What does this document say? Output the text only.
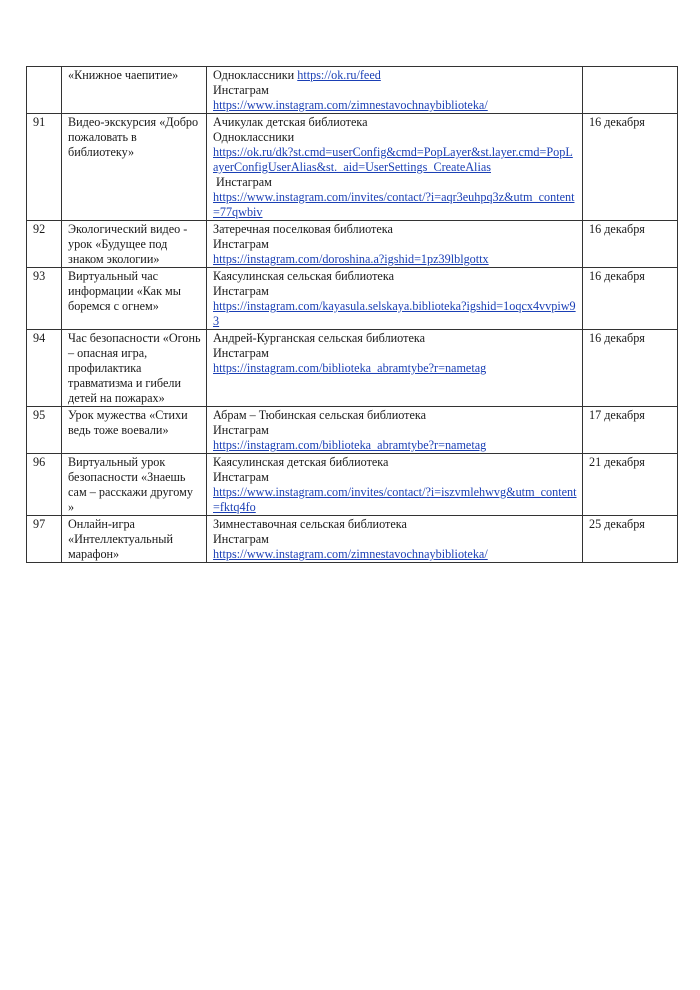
	«Книжное чаепитие»	Одноклассники https://ok.ru/feed
Инстаграм
https://www.instagram.com/zimnestavochnaybiblioteka/	

91	Видео-экскурсия «Добро пожаловать в библиотеку»	Ачикулак детская библиотека
Одноклассники
https://ok.ru/dk?st.cmd=userConfig&cmd=PopLayer&st.layer.cmd=PopLayerConfigUserAlias&st._aid=UserSettings_CreateAlias
Инстаграм
https://www.instagram.com/invites/contact/?i=aqr3euhpq3z&utm_content=77qwbiv	16 декабря
92	Экологический видео - урок «Будущее под знаком экологии»	Затеречная поселковая библиотека
Инстаграм
https://instagram.com/doroshina.a?igshid=1pz39lblgottx	16 декабря
93	Виртуальный час информации «Как мы боремся с огнем»	Каясулинская сельская библиотека
Инстаграм
https://instagram.com/kayasula.selskaya.biblioteka?igshid=1oqcx4vvpiw93	16 декабря
94	Час безопасности «Огонь – опасная игра, профилактика травматизма и гибели детей на пожарах»	Андрей-Курганская сельская библиотека
Инстаграм
https://instagram.com/biblioteka_abramtybe?r=nametag	16 декабря
95	Урок мужества «Стихи ведь тоже воевали»	Абрам – Тюбинская сельская библиотека
Инстаграм
https://instagram.com/biblioteka_abramtybe?r=nametag	17 декабря
96	Виртуальный урок безопасности «Знаешь сам – расскажи другому »	Каясулинская детская библиотека
Инстаграм
https://www.instagram.com/invites/contact/?i=iszvmlehwvg&utm_content=fktq4fo	21 декабря
97	Онлайн-игра «Интеллектуальный марафон»	Зимнеставочная сельская библиотека
Инстаграм
https://www.instagram.com/zimnestavochnaybiblioteka/	25 декабря
